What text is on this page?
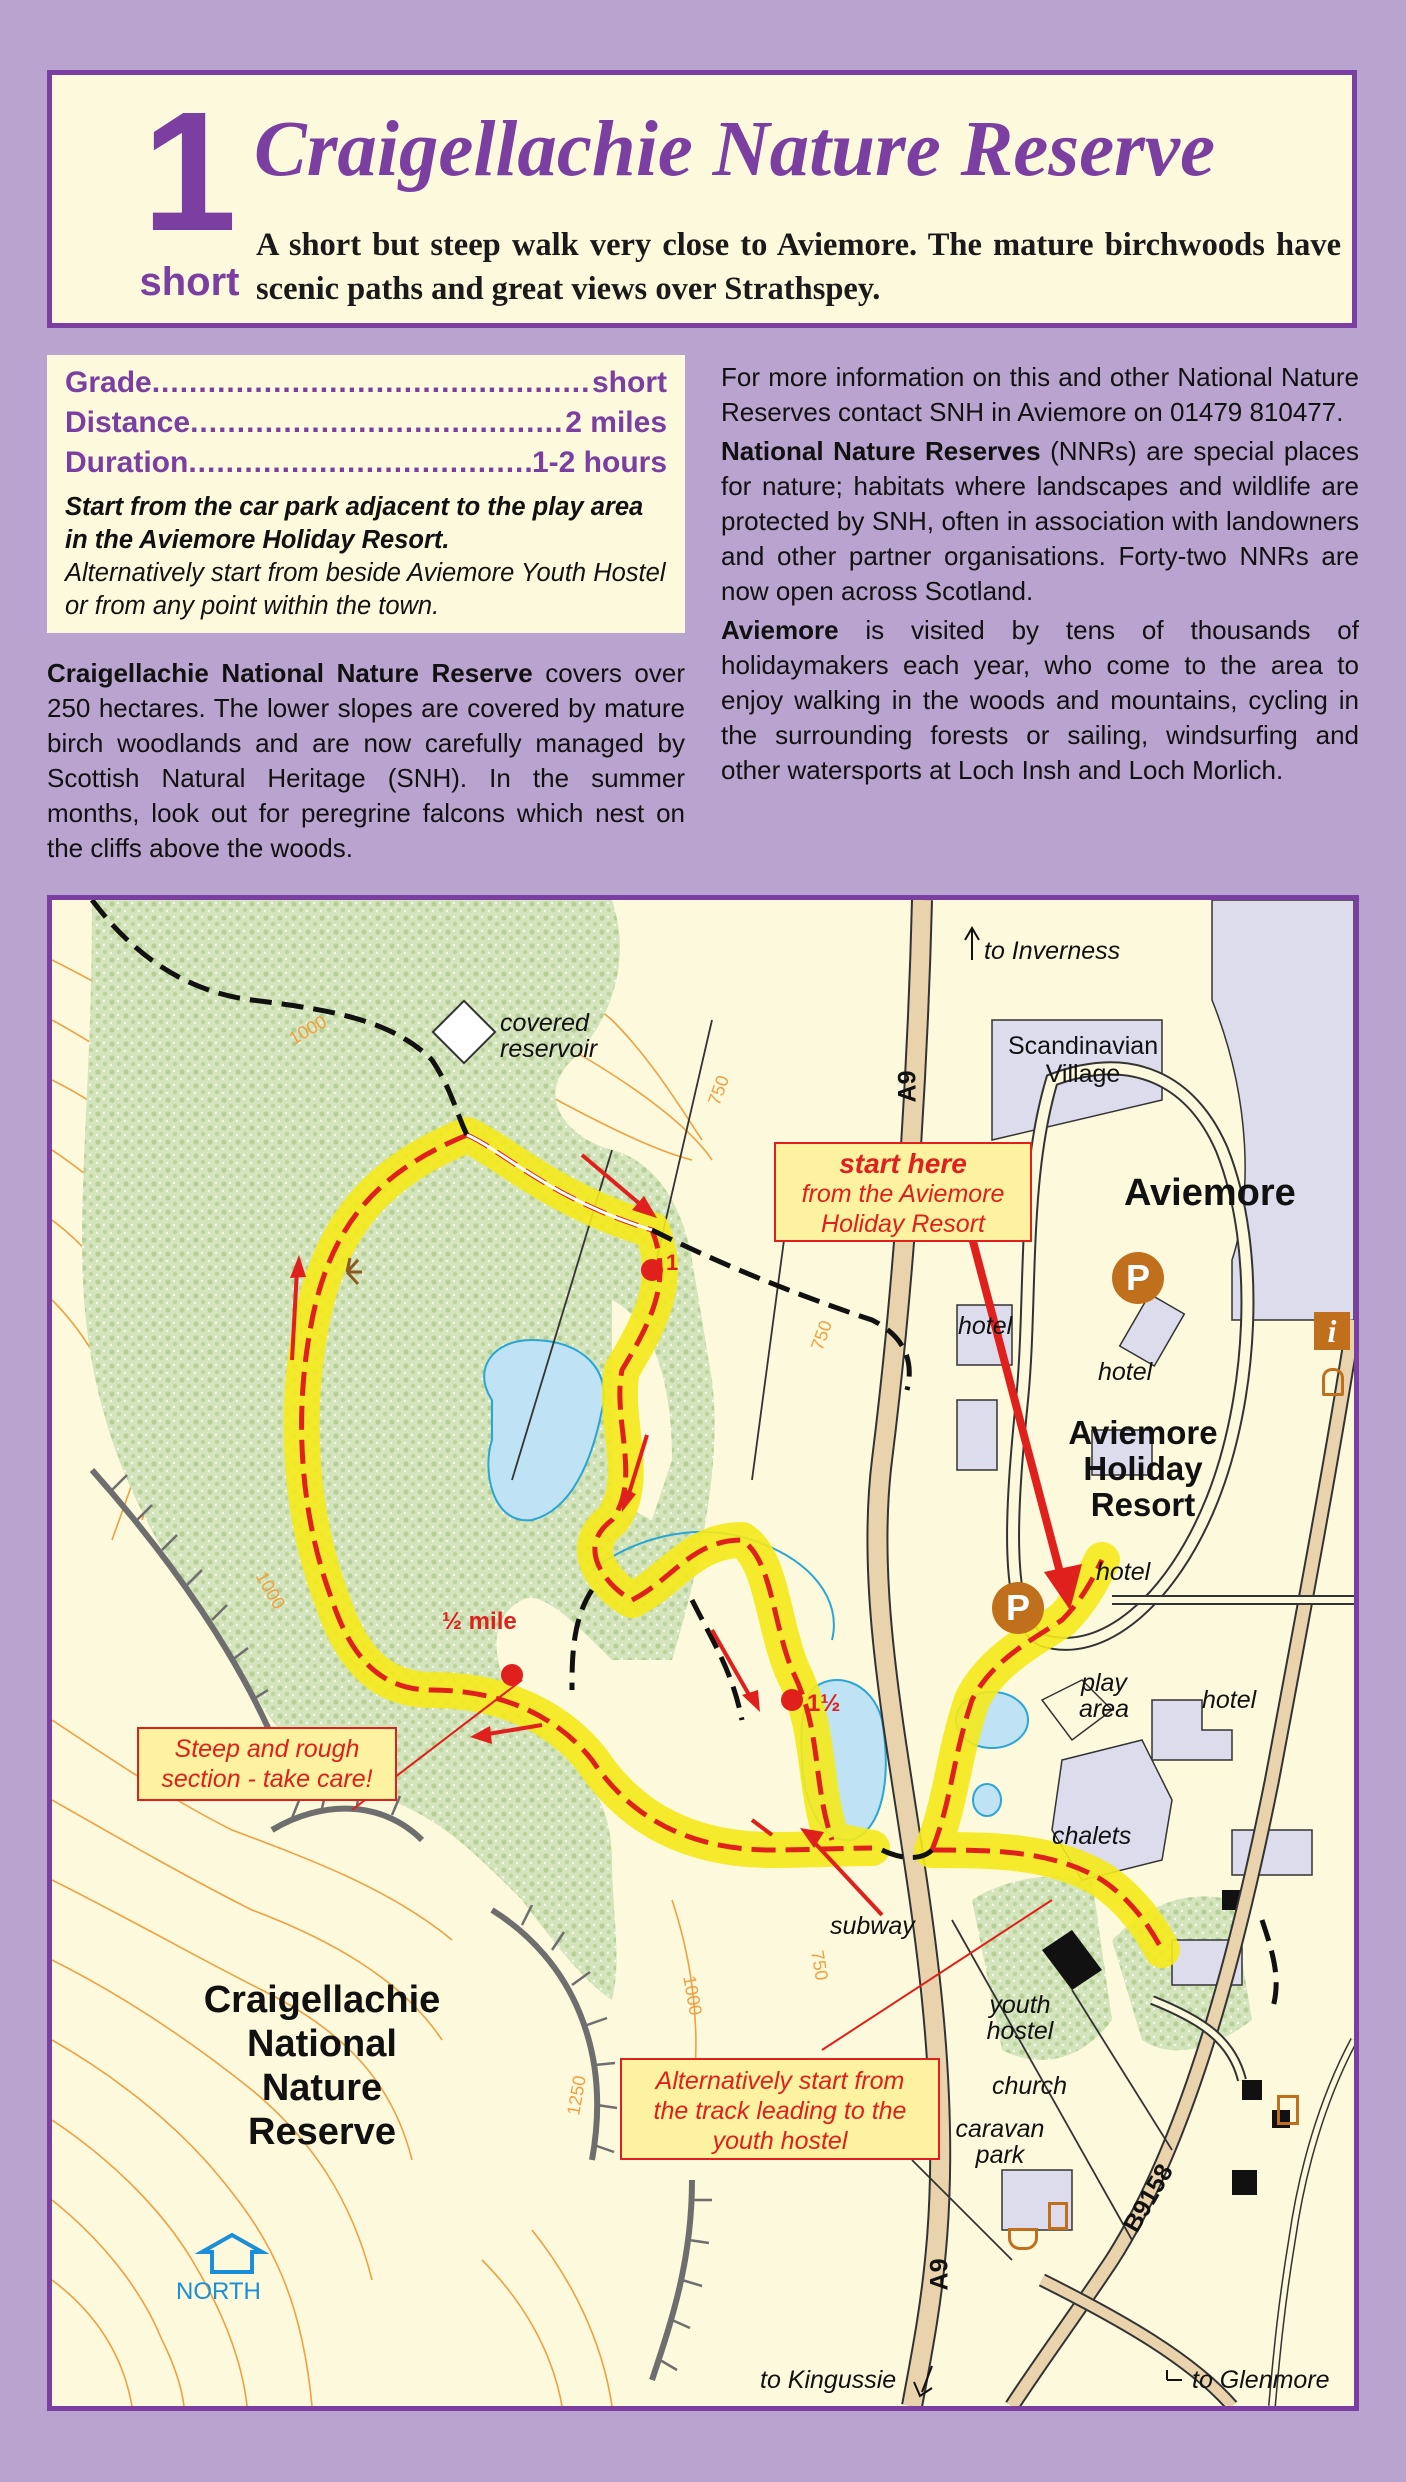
1
short
Craigellachie Nature Reserve
A short but steep walk very close to Aviemore. The mature birchwoods have scenic paths and great views over Strathspey.
Grade .....	short
Distance .....	2 miles
Duration .....	1-2 hours
Start from the car park adjacent to the play area in the Aviemore Holiday Resort.
Alternatively start from beside Aviemore Youth Hostel or from any point within the town.
Craigellachie National Nature Reserve covers over 250 hectares. The lower slopes are covered by mature birch woodlands and are now carefully managed by Scottish Natural Heritage (SNH). In the summer months, look out for peregrine falcons which nest on the cliffs above the woods.
For more information on this and other National Nature Reserves contact SNH in Aviemore on 01479 810477.
National Nature Reserves (NNRs) are special places for nature; habitats where landscapes and wildlife are protected by SNH, often in association with landowners and other partner organisations. Forty-two NNRs are now open across Scotland.
Aviemore is visited by tens of thousands of holidaymakers each year, who come to the area to enjoy walking in the woods and mountains, cycling in the surrounding forests or sailing, windsurfing and other watersports at Loch Insh and Loch Morlich.
P
P
i
1000
750
750
1000
750
1000
1250
to Inverness
covered reservoir	Scandinavian Village
A9
Aviemore
hotel
hotel
Aviemore Holiday Resort
hotel
play area	hotel
chalets
subway
youth hostel
church
caravan park
B9158
A9
to Kingussie	to Glenmore
Craigellachie National Nature Reserve
NORTH
1
½ mile
1½
start here
from the Aviemore Holiday Resort
Steep and rough section - take care!
Alternatively start from the track leading to the youth hostel
